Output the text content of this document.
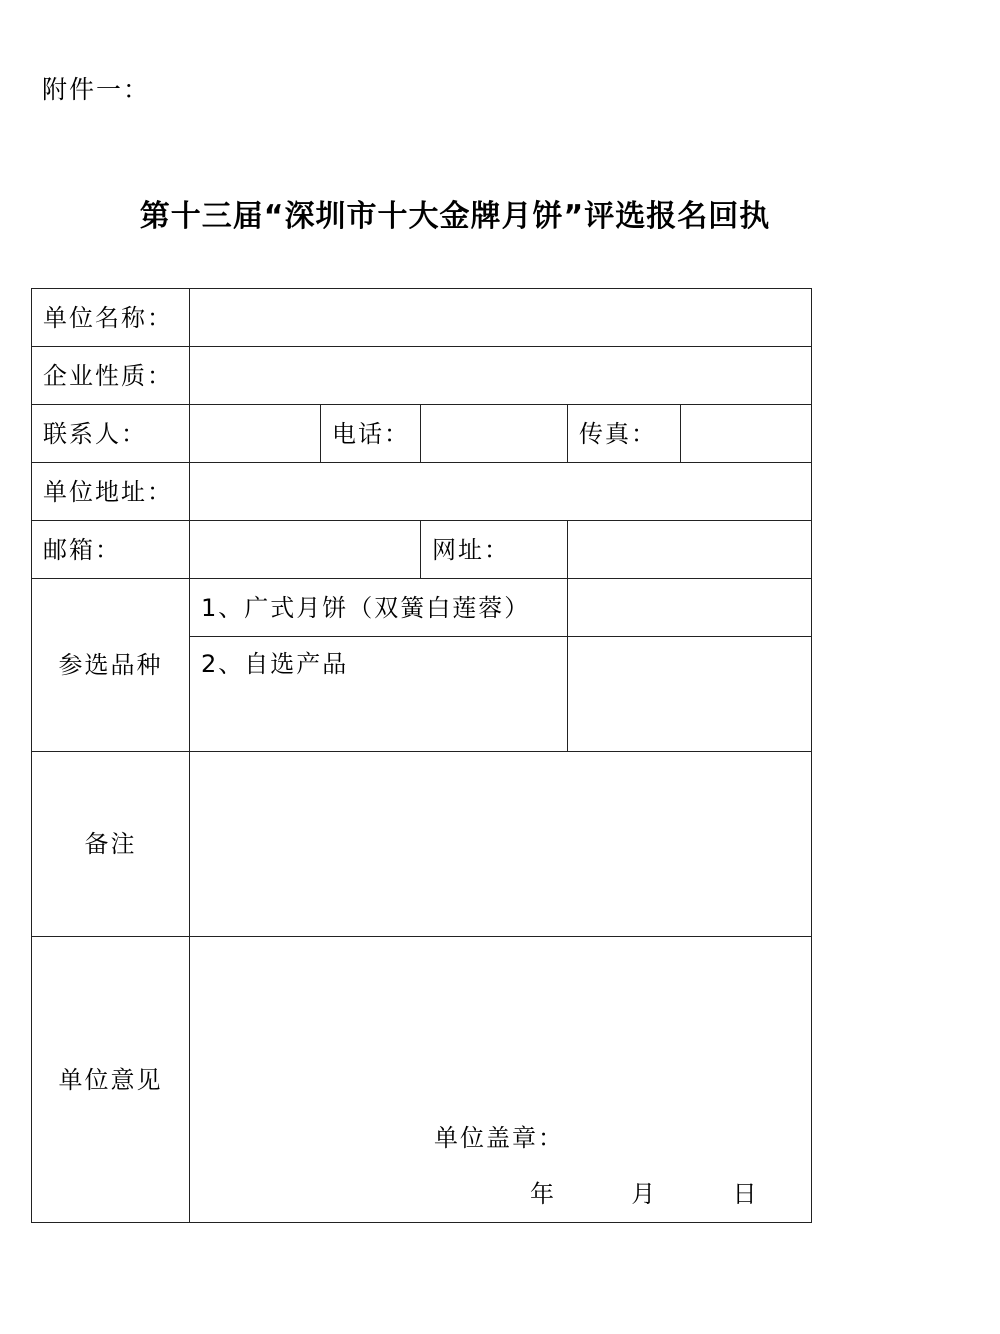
附件一：
第十三届“深圳市十大金牌月饼”评选报名回执
单位名称：					
企业性质：					
联系人：		电话：		传真：	
单位地址：					
邮箱：			网址：		
参选品种	1、广式月饼（双簧白莲蓉）				
	2、自选产品				
备注					
单位意见	单位盖章：
年 月 日				
